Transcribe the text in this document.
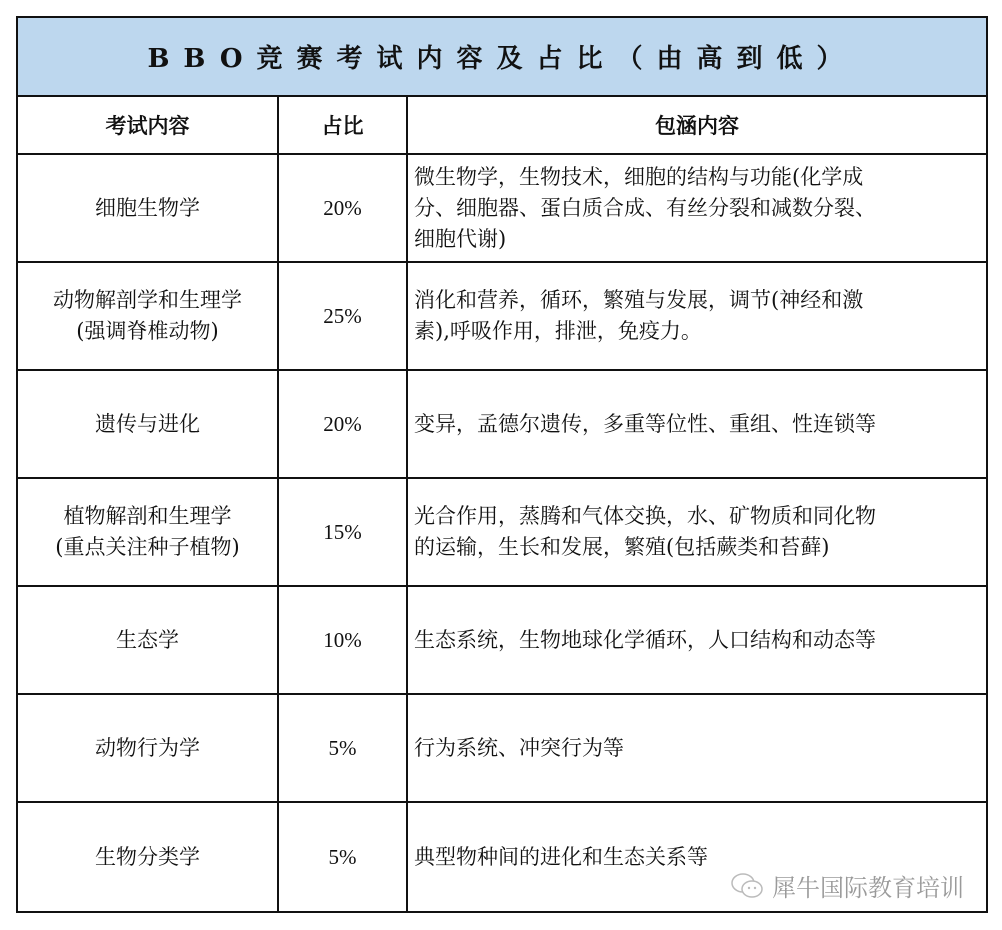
BBO竞赛考试内容及占比（由高到低）		
考试内容	占比	包涵内容
细胞生物学	20%	微生物学，生物技术，细胞的结构与功能(化学成
分、细胞器、蛋白质合成、有丝分裂和减数分裂、
细胞代谢)
动物解剖学和生理学
(强调脊椎动物)	25%	消化和营养，循环，繁殖与发展，调节(神经和激
素),呼吸作用，排泄，免疫力。
遗传与进化	20%	变异，孟德尔遗传，多重等位性、重组、性连锁等
植物解剖和生理学
(重点关注种子植物)	15%	光合作用，蒸腾和气体交换，水、矿物质和同化物
的运输，生长和发展，繁殖(包括蕨类和苔藓)
生态学	10%	生态系统，生物地球化学循环，人口结构和动态等
动物行为学	5%	行为系统、冲突行为等
生物分类学	5%	典型物种间的进化和生态关系等
犀牛国际教育培训
